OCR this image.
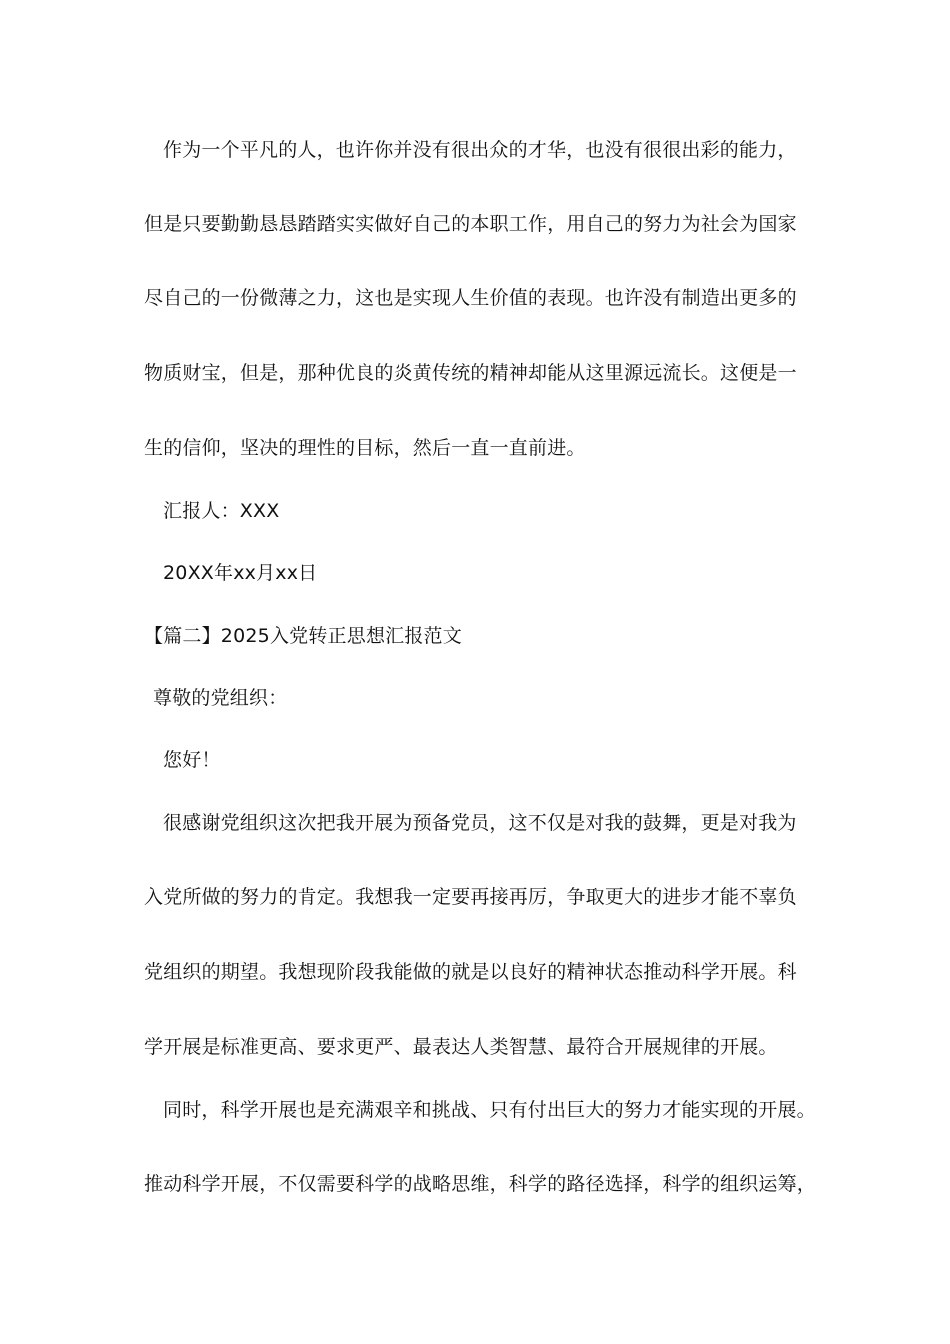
作为一个平凡的人，也许你并没有很出众的才华，也没有很很出彩的能力，
但是只要勤勤恳恳踏踏实实做好自己的本职工作，用自己的努力为社会为国家
尽自己的一份微薄之力，这也是实现人生价值的表现。也许没有制造出更多的
物质财宝，但是，那种优良的炎黄传统的精神却能从这里源远流长。这便是一
生的信仰，坚决的理性的目标，然后一直一直前进。
汇报人：XXX
20XX年xx月xx日
【篇二】2025入党转正思想汇报范文
尊敬的党组织：
您好！
很感谢党组织这次把我开展为预备党员，这不仅是对我的鼓舞，更是对我为
入党所做的努力的肯定。我想我一定要再接再厉，争取更大的进步才能不辜负
党组织的期望。我想现阶段我能做的就是以良好的精神状态推动科学开展。科
学开展是标准更高、要求更严、最表达人类智慧、最符合开展规律的开展。
同时，科学开展也是充满艰辛和挑战、只有付出巨大的努力才能实现的开展。
推动科学开展，不仅需要科学的战略思维，科学的路径选择，科学的组织运筹，
